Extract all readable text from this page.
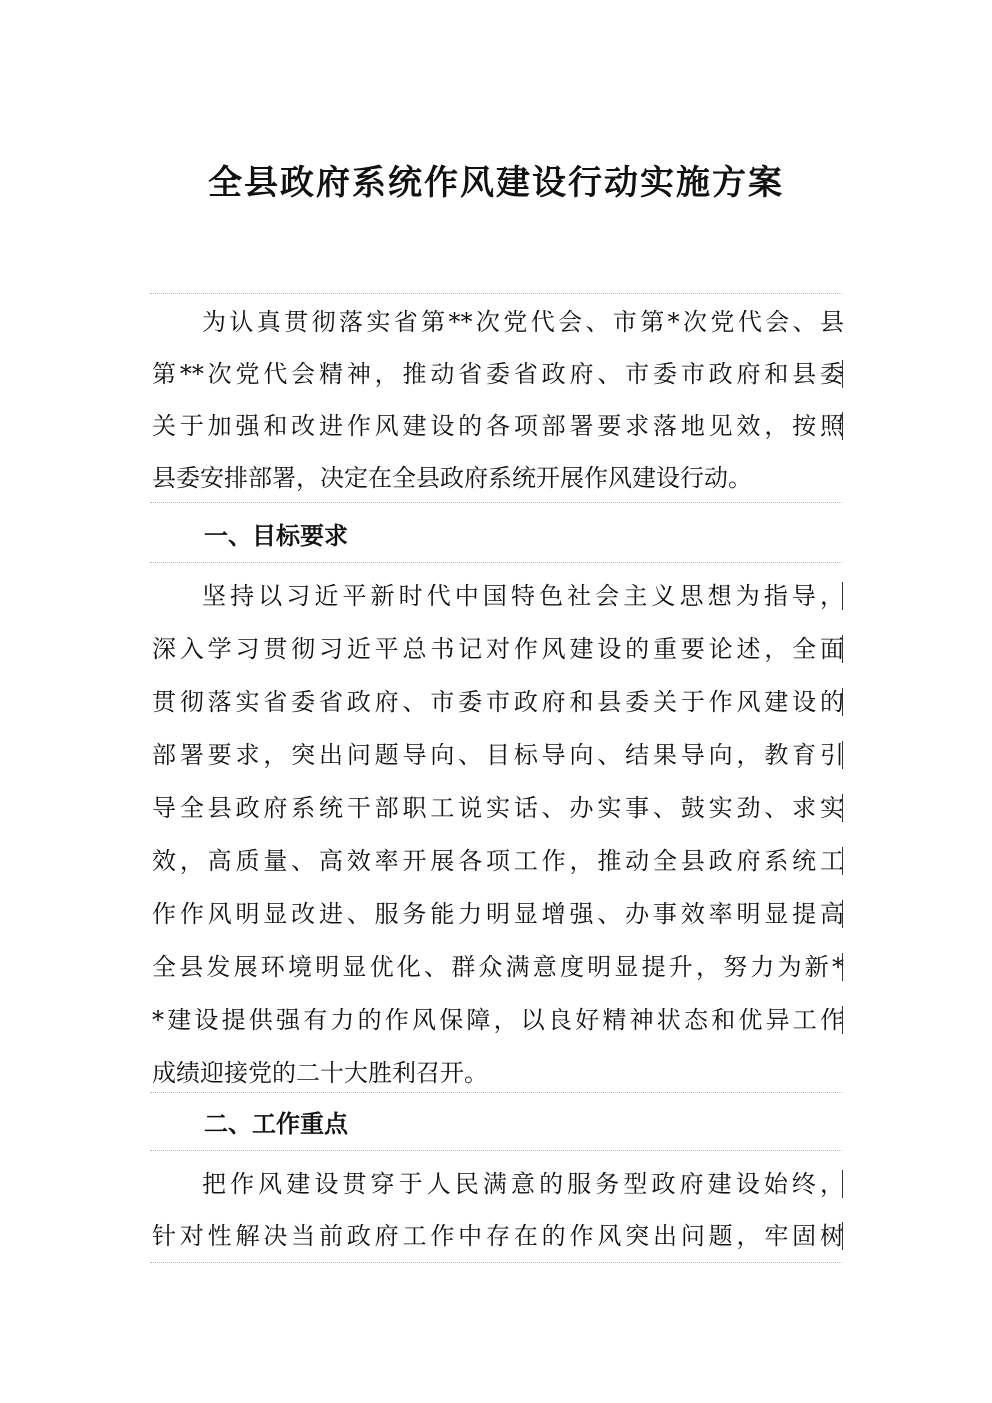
全县政府系统作风建设行动实施方案
为认真贯彻落实省第**次党代会、市第*次党代会、县
第**次党代会精神，推动省委省政府、市委市政府和县委
关于加强和改进作风建设的各项部署要求落地见效，按照
县委安排部署，决定在全县政府系统开展作风建设行动。
一、目标要求
坚持以习近平新时代中国特色社会主义思想为指导，
深入学习贯彻习近平总书记对作风建设的重要论述，全面
贯彻落实省委省政府、市委市政府和县委关于作风建设的
部署要求，突出问题导向、目标导向、结果导向，教育引
导全县政府系统干部职工说实话、办实事、鼓实劲、求实
效，高质量、高效率开展各项工作，推动全县政府系统工
作作风明显改进、服务能力明显增强、办事效率明显提高
全县发展环境明显优化、群众满意度明显提升，努力为新*
*建设提供强有力的作风保障，以良好精神状态和优异工作
成绩迎接党的二十大胜利召开。
二、工作重点
把作风建设贯穿于人民满意的服务型政府建设始终，
针对性解决当前政府工作中存在的作风突出问题，牢固树
